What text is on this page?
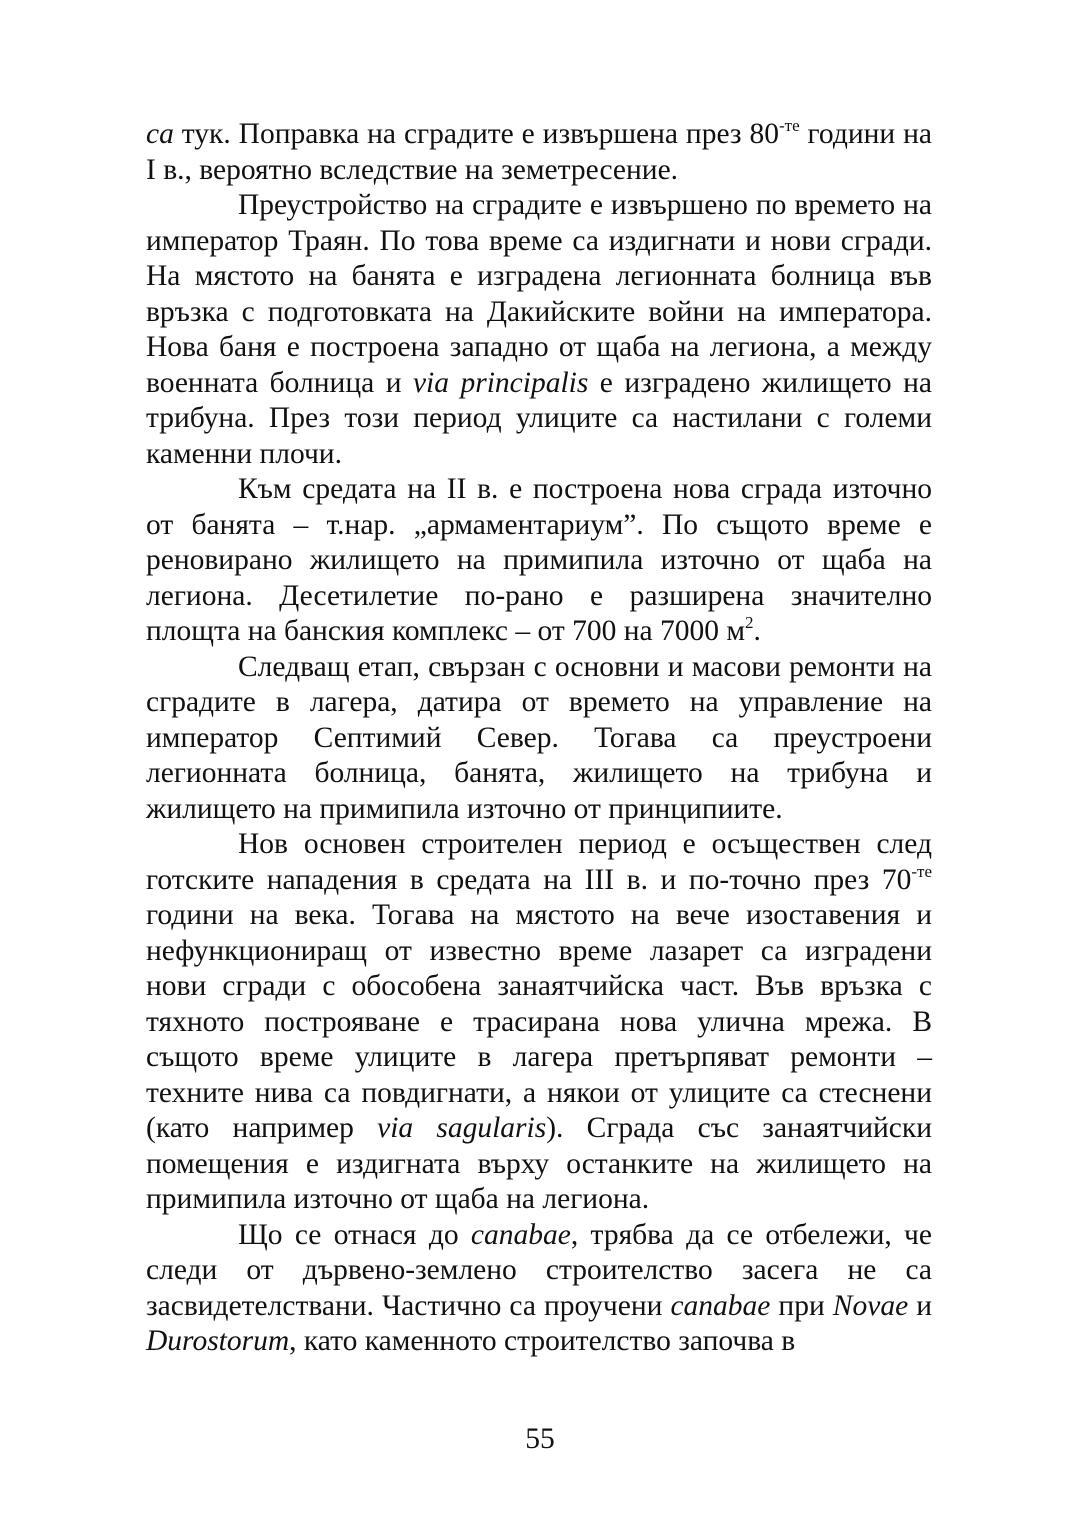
ca тук. Поправка на сградите е извършена през $80^{-те}$ години на I в., вероятно вследствие на земетресение.

Преустройство на сградите е извършено по времето на император Траян. По това време са издигнати и нови сгради. На мястото на банята е изградена легионната болница във връзка с подготовката на Дакийските войни на императора. Нова баня е построена западно от щаба на легиона, а между военната болница и via principalis е изградено жилището на трибуна. През този период улиците са настилани с големи каменни плочи.

Към средата на II в. е построена нова сграда източно от банята – т.нар. „армаментариум”. По същото време е реновирано жилището на примипила източно от щаба на легиона. Десетилетие по-рано е разширена значително площта на банския комплекс – от 700 на 7000 $м^2$.

Следващ етап, свързан с основни и масови ремонти на сградите в лагера, датира от времето на управление на император Септимий Север. Тогава са преустроени легионната болница, банята, жилището на трибуна и жилището на примипила източно от принципиите.

Нов основен строителен период е осъществен след готските нападения в средата на III в. и по-точно през $70^{-те}$ години на века. Тогава на мястото на вече изоставения и нефункциониращ от известно време лазарет са изградени нови сгради с обособена занаятчийска част. Във връзка с тяхното построяване е трасирана нова улична мрежа. В същото време улиците в лагера претърпяват ремонти – техните нива са повдигнати, а някои от улиците са стеснени (като например via sagularis). Сграда със занаятчийски помещения е издигната върху останките на жилището на примипила източно от щаба на легиона.

Що се отнася до canabae, трябва да се отбележи, че следи от дървено-землено строителство засега не са засвидетелствани. Частично са проучени canabae при Novae и Durostorum, като каменното строителство започва в

55
